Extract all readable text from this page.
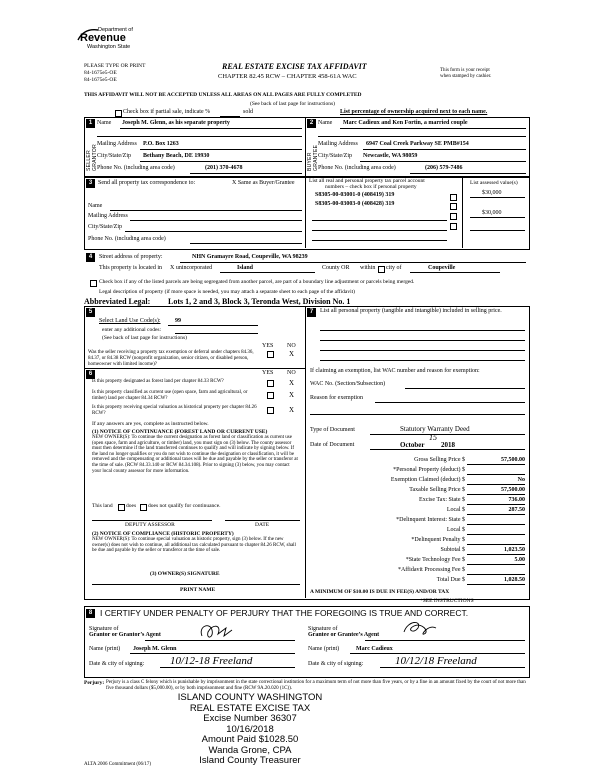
Department of
Revenue
Washington State
PLEASE TYPE OR PRINT
84-1675e5-OE
84-1675e5-OE
REAL ESTATE EXCISE TAX AFFIDAVIT
CHAPTER 82.45 RCW – CHAPTER 458-61A WAC
This form is your receipt
when stamped by cashier.
THIS AFFIDAVIT WILL NOT BE ACCEPTED UNLESS ALL AREAS ON ALL PAGES ARE FULLY COMPLETED
(See back of last page for instructions)
Check box if partial sale, indicate %	sold	List percentage of ownership acquired next to each name.
1
SELLER GRANTOR
Name Joseph M. Glenn, as his separate property
Mailing Address P.O. Box 1263
City/State/Zip Bethany Beach, DE 19930
Phone No. (including area code)	(201) 370-4678
2
BUYER GRANTEE
Name Marc Cadieux and Ken Fortin, a married couple
Mailing Address 6947 Coal Creek Parkway SE PMB#154
City/State/Zip Newcastle, WA 98059
Phone No. (including area code)	(206) 579-7486
3 Send all property tax correspondence to:	X Same as Buyer/Grantee
Name
Mailing Address
City/State/Zip
Phone No. (including area code)
List all real and personal property tax parcel account
numbers – check box if personal property
List assessed value(s)
S8305-00-03001-0 (408419) 319
S8305-00-03003-0 (408428) 319
$30,000
$30,000
4	Street address of property:	NHN Gramayre Road, Coupeville, WA 98239
This property is located in X unincorporated	Island	County OR within city of	Coupeville
Check box if any of the listed parcels are being segregated from another parcel, are part of a boundary line adjustment or parcels being merged.
Legal description of property (if more space is needed, you may attach a separate sheet to each page of the affidavit)
Abbreviated Legal: Lots 1, 2 and 3, Block 3, Teronda West, Division No. 1
5
Select Land Use Code(s): 99
enter any additional codes:
(See back of last page for instructions)
YES NO
Was the seller receiving a property tax exemption or deferral under chapters 84.36, 84.37, or 84.38 RCW (nonprofit organization, senior citizen, or disabled person, homeowner with limited income)?
X
6	YES NO
Is this property designated as forest land per chapter 84.33 RCW?	X
Is this property classified as current use (open space, farm and agricultural, or timber) land per chapter 84.34 RCW?	X
Is this property receiving special valuation as historical property per chapter 84.26 RCW?	X
If any answers are yes, complete as instructed below.
(1) NOTICE OF CONTINUANCE (FOREST LAND OR CURRENT USE)
NEW OWNER(S): To continue the current designation as forest land or classification as current use (open space, farm and agriculture, or timber) land, you must sign on (3) below. The county assessor must then determine if the land transferred continues to qualify and will indicate by signing below. If the land no longer qualifies or you do not wish to continue the designation or classification, it will be removed and the compensating or additional taxes will be due and payable by the seller or transferor at the time of sale. (RCW 84.33.140 or RCW 84.34.108). Prior to signing (3) below, you may contact your local county assessor for more information.
This land does does not qualify for continuance.
DEPUTY ASSESSOR	DATE
(2) NOTICE OF COMPLIANCE (HISTORIC PROPERTY)
NEW OWNER(S): To continue special valuation as historic property, sign (3) below. If the new owner(s) does not wish to continue, all additional tax calculated pursuant to chapter 84.26 RCW, shall be due and payable by the seller or transferor at the time of sale.
(3) OWNER(S) SIGNATURE
PRINT NAME
7	List all personal property (tangible and intangible) included in selling price.
If claiming an exemption, list WAC number and reason for exemption:
WAC No. (Section/Subsection)
Reason for exemption
Type of Document	Statutory Warranty Deed
Date of Document	October
15
2018
Gross Selling Price $	57,500.00
*Personal Property (deduct) $
Exemption Claimed (deduct) $	No
Taxable Selling Price $	57,500.00
Excise Tax: State $	736.00
Local $	287.50
*Delinquent Interest: State $
Local $
*Delinquent Penalty $
Subtotal $	1,023.50
*State Technology Fee $	5.00
*Affidavit Processing Fee $
Total Due $	1,028.50
A MINIMUM OF $10.00 IS DUE IN FEE(S) AND/OR TAX
*SEE INSTRUCTIONS
8 I CERTIFY UNDER PENALTY OF PERJURY THAT THE FOREGOING IS TRUE AND CORRECT.
Signature of
Grantor or Grantor’s Agent
Name (print) Joseph M. Glenn
Date & city of signing: 10/12-18 Freeland
Signature of
Grantee or Grantee’s Agent
Name (print)	Marc Cadieux
Date & city of signing:	10/12/18 Freeland
Perjury: Perjury is a class C felony which is punishable by imprisonment in the state correctional institution for a maximum term of not more than five years, or by a fine in an amount fixed by the court of not more than five thousand dollars ($5,000.00), or by both imprisonment and fine (RCW 9A.20.020 (1C)).
ISLAND COUNTY WASHINGTON
REAL ESTATE EXCISE TAX
Excise Number 36307
10/16/2018
Amount Paid $1028.50
Wanda Grone, CPA
Island County Treasurer
ALTA 2006 Commitment (06/17)
